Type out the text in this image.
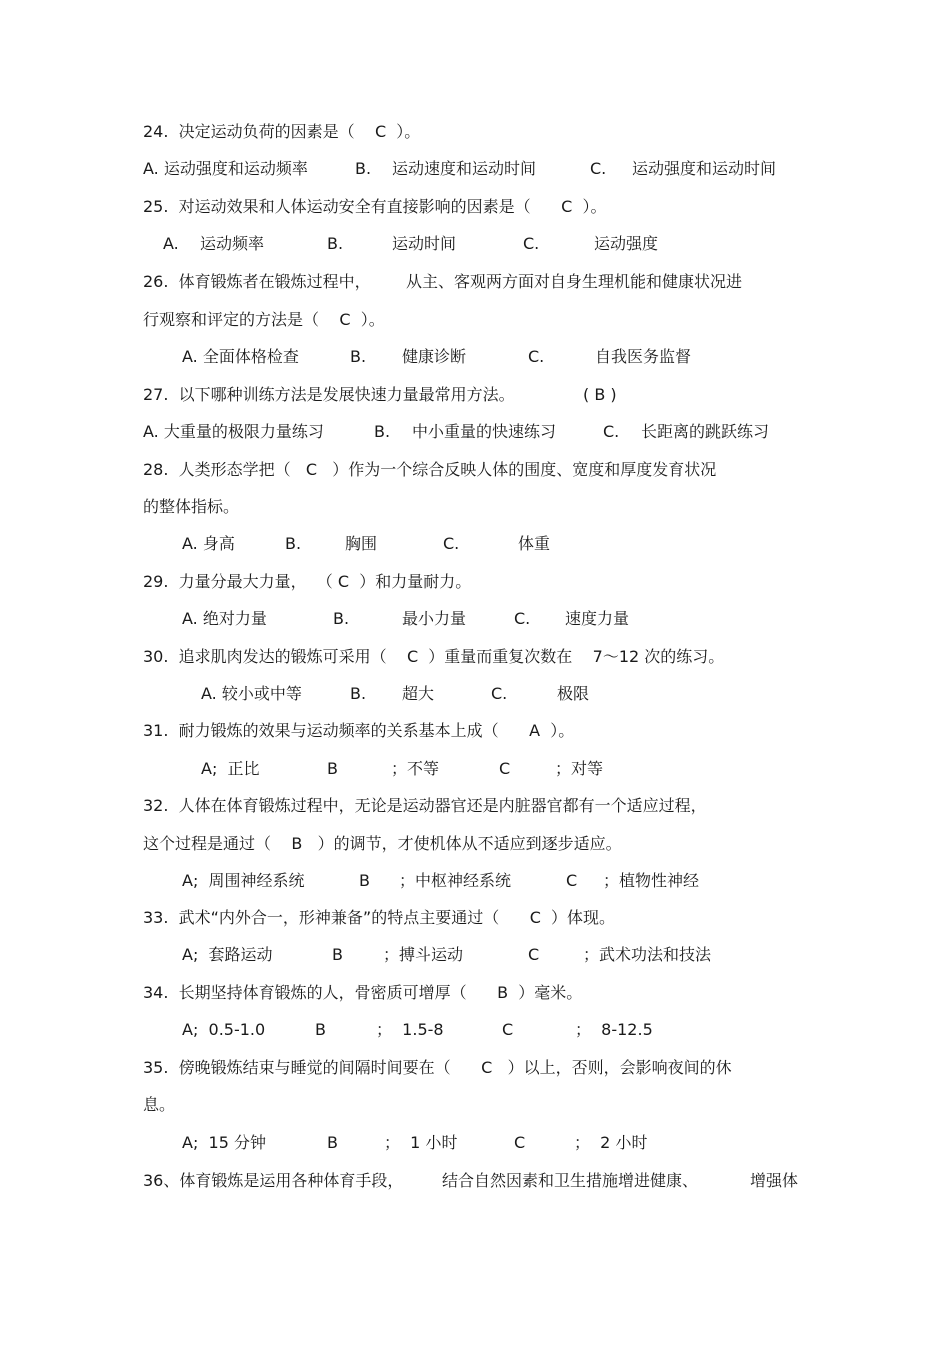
24.  决定运动负荷的因素是（    C  ）。
A. 运动强度和运动频率	B. 运动速度和运动时间	C. 运动强度和运动时间
25.  对运动效果和人体运动安全有直接影响的因素是（      C  ）。
A. 运动频率	B.	运动时间	C.	运动强度
26.  体育锻炼者在锻炼过程中， 从主、客观两方面对自身生理机能和健康状况进
行观察和评定的方法是（    C  ）。
A. 全面体格检查	B. 健康诊断	C.	自我医务监督
27.  以下哪种训练方法是发展快速力量最常用方法。	( B )
A. 大重量的极限力量练习	B. 中小重量的快速练习	C. 长距离的跳跃练习
28.  人类形态学把（   C   ）作为一个综合反映人体的围度、宽度和厚度发育状况
的整体指标。
A. 身高	B.	胸围	C.	体重
29.  力量分最大力量，  （ C  ）和力量耐力。
A. 绝对力量	B.	最小力量	C. 速度力量
30.  追求肌肉发达的锻炼可采用（    C  ）重量而重复次数在    7～12 次的练习。
A. 较小或中等	B. 超大	C.	极限
31.  耐力锻炼的效果与运动频率的关系基本上成（      A  ）。
A;  正比	B	；不等	C	；对等
32.  人体在体育锻炼过程中，无论是运动器官还是内脏器官都有一个适应过程，
这个过程是通过（    B   ）的调节，才使机体从不适应到逐步适应。
A;  周围神经系统	B ；中枢神经系统	C ；植物性神经
33.  武术“内外合一，形神兼备”的特点主要通过（      C  ）体现。
A;  套路运动	B	；搏斗运动	C	；武术功法和技法
34.  长期坚持体育锻炼的人，骨密质可增厚（      B  ）毫米。
A;  0.5-1.0	B	；  1.5-8	C	；  8-12.5
35.  傍晚锻炼结束与睡觉的间隔时间要在（      C   ）以上，否则，会影响夜间的休
息。
A;  15 分钟	B	；  1 小时	C	；  2 小时
36、体育锻炼是运用各种体育手段， 结合自然因素和卫生措施增进健康、	增强体
